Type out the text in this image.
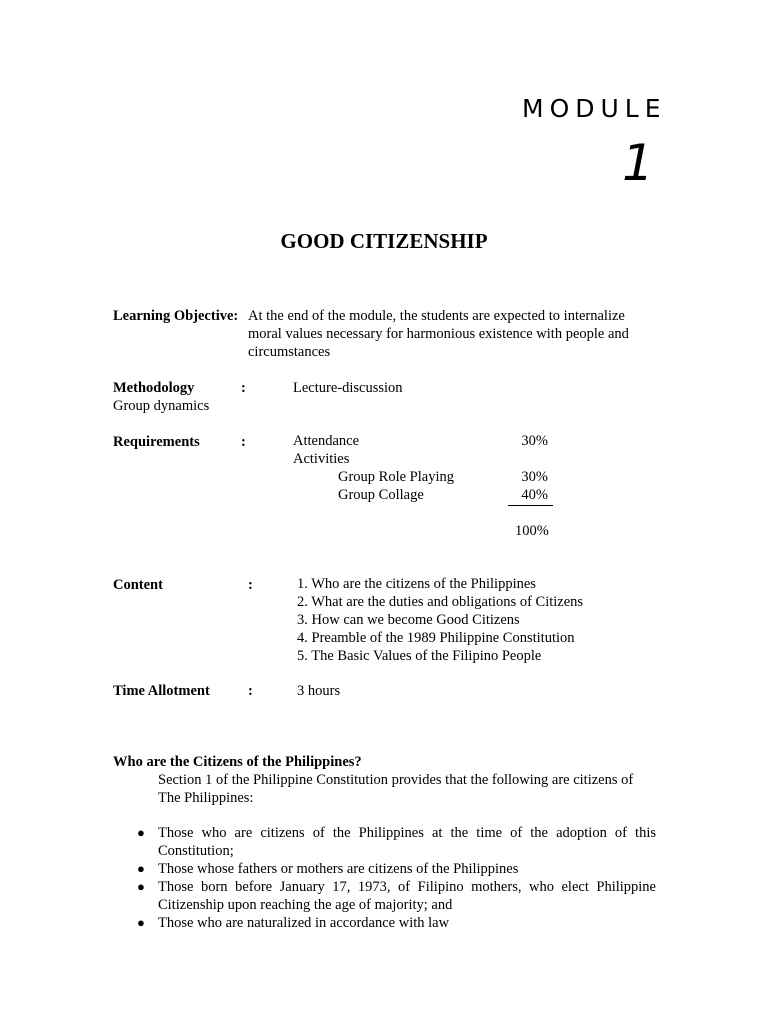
MODULE
1
GOOD CITIZENSHIP
Learning Objective: At the end of the module, the students are expected to internalize
moral values necessary for harmonious existence with people and
circumstances
Methodology	:	Lecture-discussion
Group dynamics
Requirements	:	Attendance	30%
Activities
Group Role Playing	30%
Group Collage	40%
100%
Content	:	1. Who are the citizens of the Philippines
2. What are the duties and obligations of Citizens
3. How can we become Good Citizens
4. Preamble of the 1989 Philippine Constitution
5. The Basic Values of the Filipino People
Time Allotment	:	3 hours
Who are the Citizens of the Philippines?
Section 1 of the Philippine Constitution provides that the following are citizens of
The Philippines:
● Those who are citizens of the Philippines at the time of the adoption of this Constitution;
● Those whose fathers or mothers are citizens of the Philippines
● Those born before January 17, 1973, of Filipino mothers, who elect Philippine Citizenship upon reaching the age of majority; and
● Those who are naturalized in accordance with law
